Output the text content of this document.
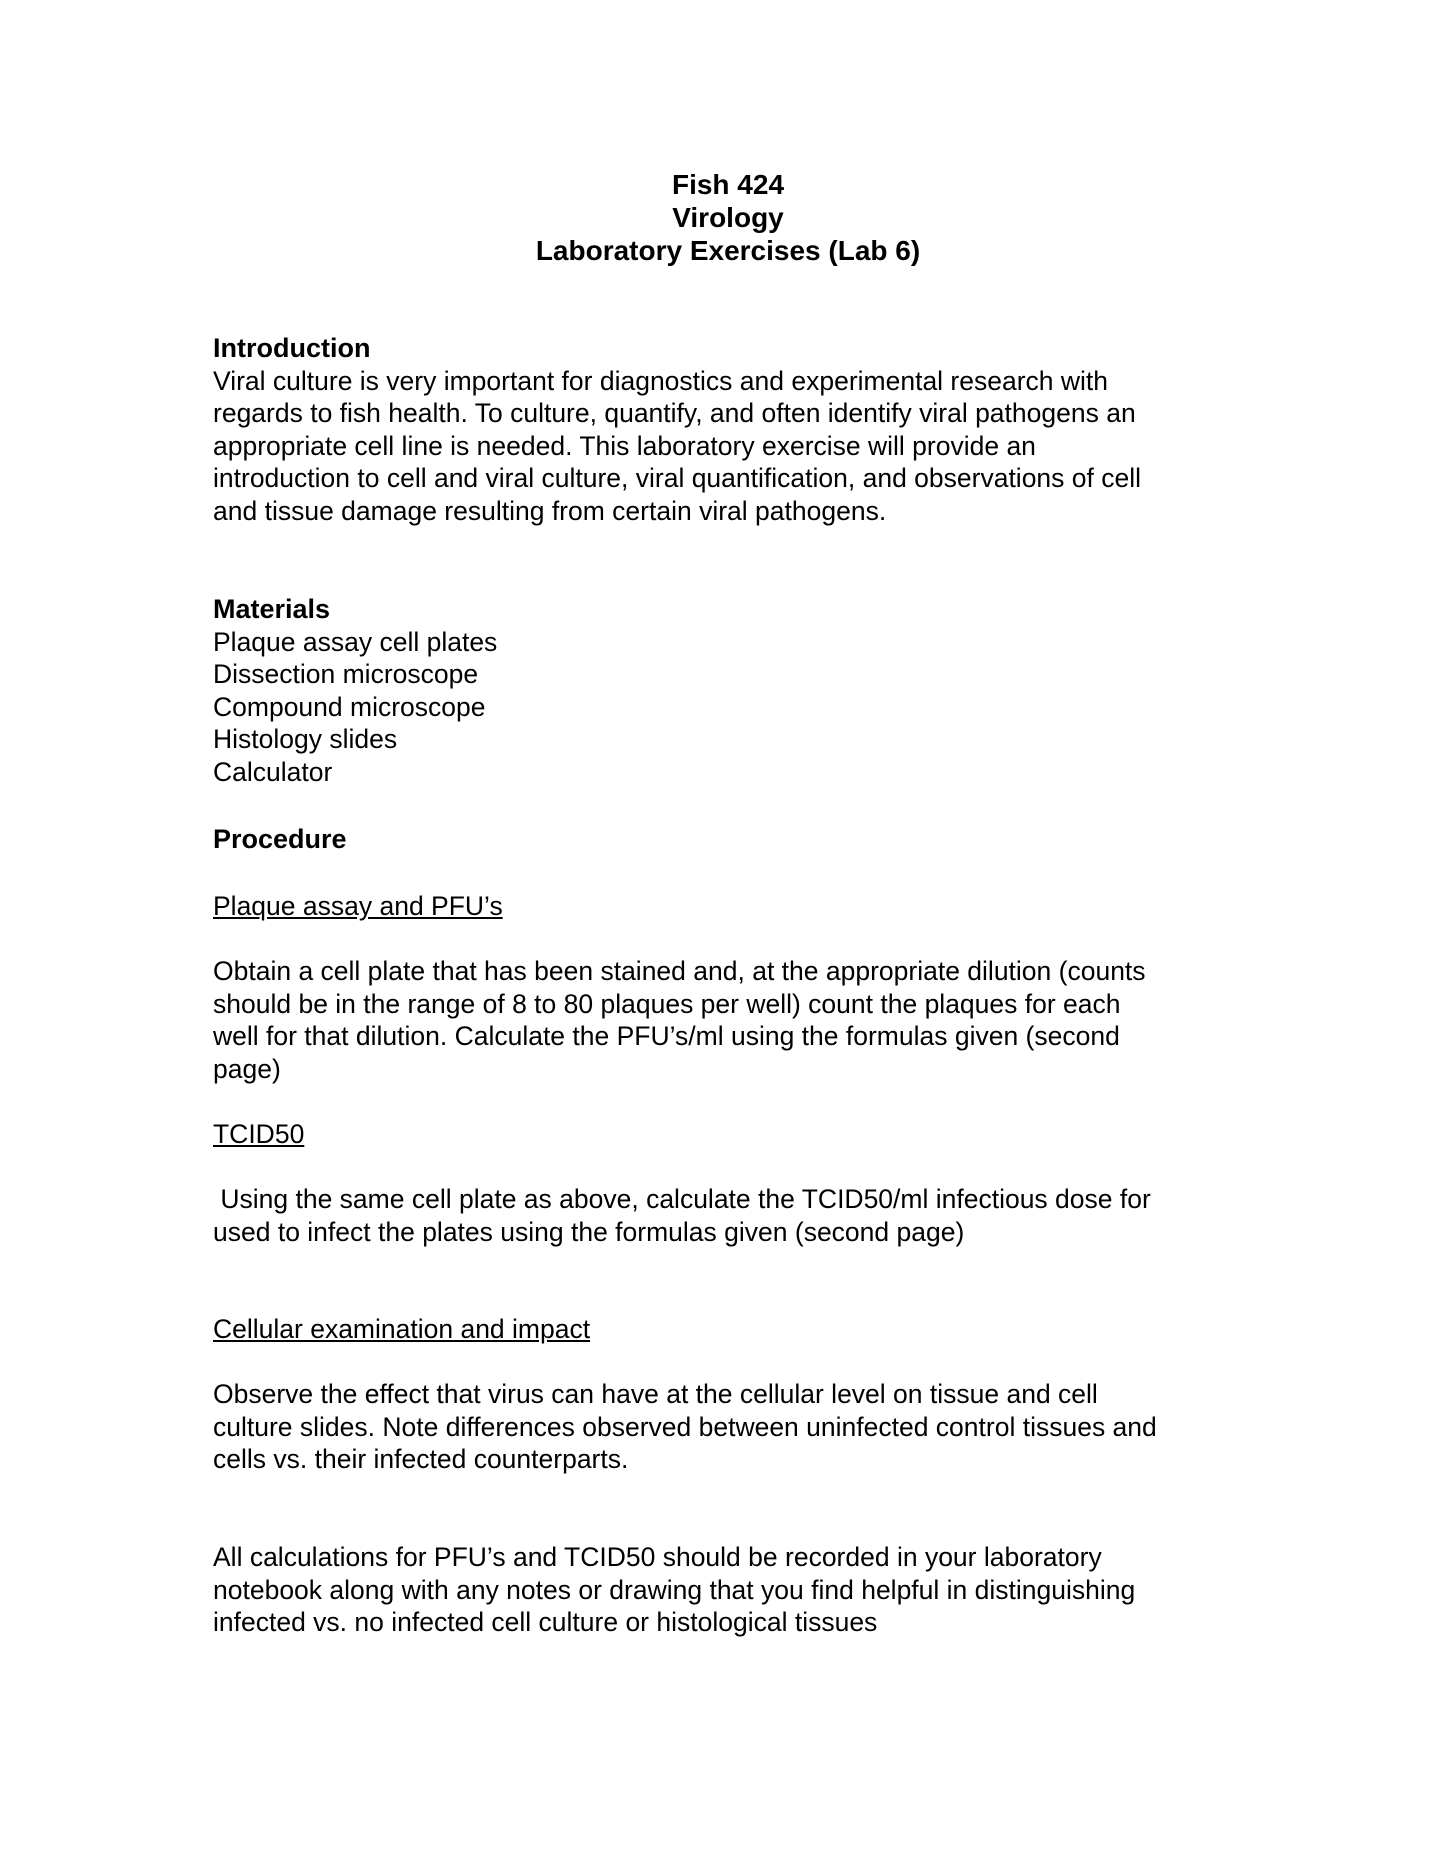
Fish 424
Virology
Laboratory Exercises (Lab 6)
Introduction
Viral culture is very important for diagnostics and experimental research with
regards to fish health. To culture, quantify, and often identify viral pathogens an
appropriate cell line is needed. This laboratory exercise will provide an
introduction to cell and viral culture, viral quantification, and observations of cell
and tissue damage resulting from certain viral pathogens.
Materials
Plaque assay cell plates
Dissection microscope
Compound microscope
Histology slides
Calculator
Procedure
Plaque assay and PFU’s
Obtain a cell plate that has been stained and, at the appropriate dilution (counts
should be in the range of 8 to 80 plaques per well) count the plaques for each
well for that dilution. Calculate the PFU’s/ml using the formulas given (second
page)
TCID50
Using the same cell plate as above, calculate the TCID50/ml infectious dose for
used to infect the plates using the formulas given (second page)
Cellular examination and impact
Observe the effect that virus can have at the cellular level on tissue and cell
culture slides. Note differences observed between uninfected control tissues and
cells vs. their infected counterparts.
All calculations for PFU’s and TCID50 should be recorded in your laboratory
notebook along with any notes or drawing that you find helpful in distinguishing
infected vs. no infected cell culture or histological tissues
